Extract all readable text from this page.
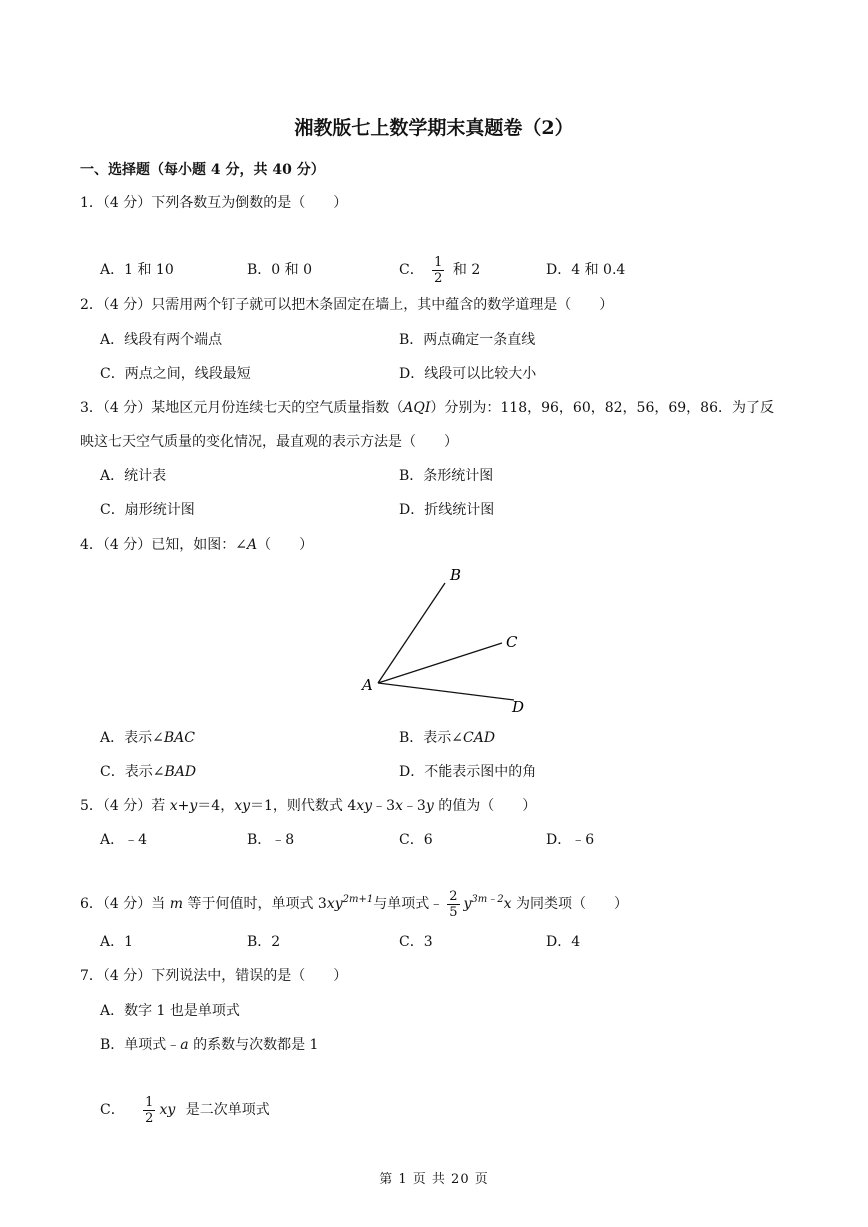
湘教版七上数学期末真题卷（2）
一、选择题（每小题 4 分，共 40 分）
1．（4 分）下列各数互为倒数的是（　　）
A．1 和 10	B．0 和 0	C． $\frac{1}{2}$ 和 2	D．4 和 0.4
2．（4 分）只需用两个钉子就可以把木条固定在墙上，其中蕴含的数学道理是（　　）
A．线段有两个端点	B．两点确定一条直线
C．两点之间，线段最短	D．线段可以比较大小
3．（4 分）某地区元月份连续七天的空气质量指数（AQI）分别为：118，96，60，82，56，69，86．为了反
映这七天空气质量的变化情况，最直观的表示方法是（　　）
A．统计表	B．条形统计图
C．扇形统计图	D．折线统计图
4．（4 分）已知，如图：∠A（　　）
A
B
C
D
A．表示∠BAC	B．表示∠CAD
C．表示∠BAD	D．不能表示图中的角
5．（4 分）若 x+y＝4，xy＝1，则代数式 4xy﹣3x﹣3y 的值为（　　）
A．﹣4	B．﹣8	C．6	D．﹣6
6．（4 分）当 m 等于何值时，单项式 $3xy^{2m+1}$与单项式﹣ $\frac{2}{5} y^{3m﹣2}x$ 为同类项（　　）
A．1	B．2	C．3	D．4
7．（4 分）下列说法中，错误的是（　　）
A．数字 1 也是单项式
B．单项式﹣a 的系数与次数都是 1
C． $\frac{1}{2}$ xy 是二次单项式
第 1 页 共 20 页
